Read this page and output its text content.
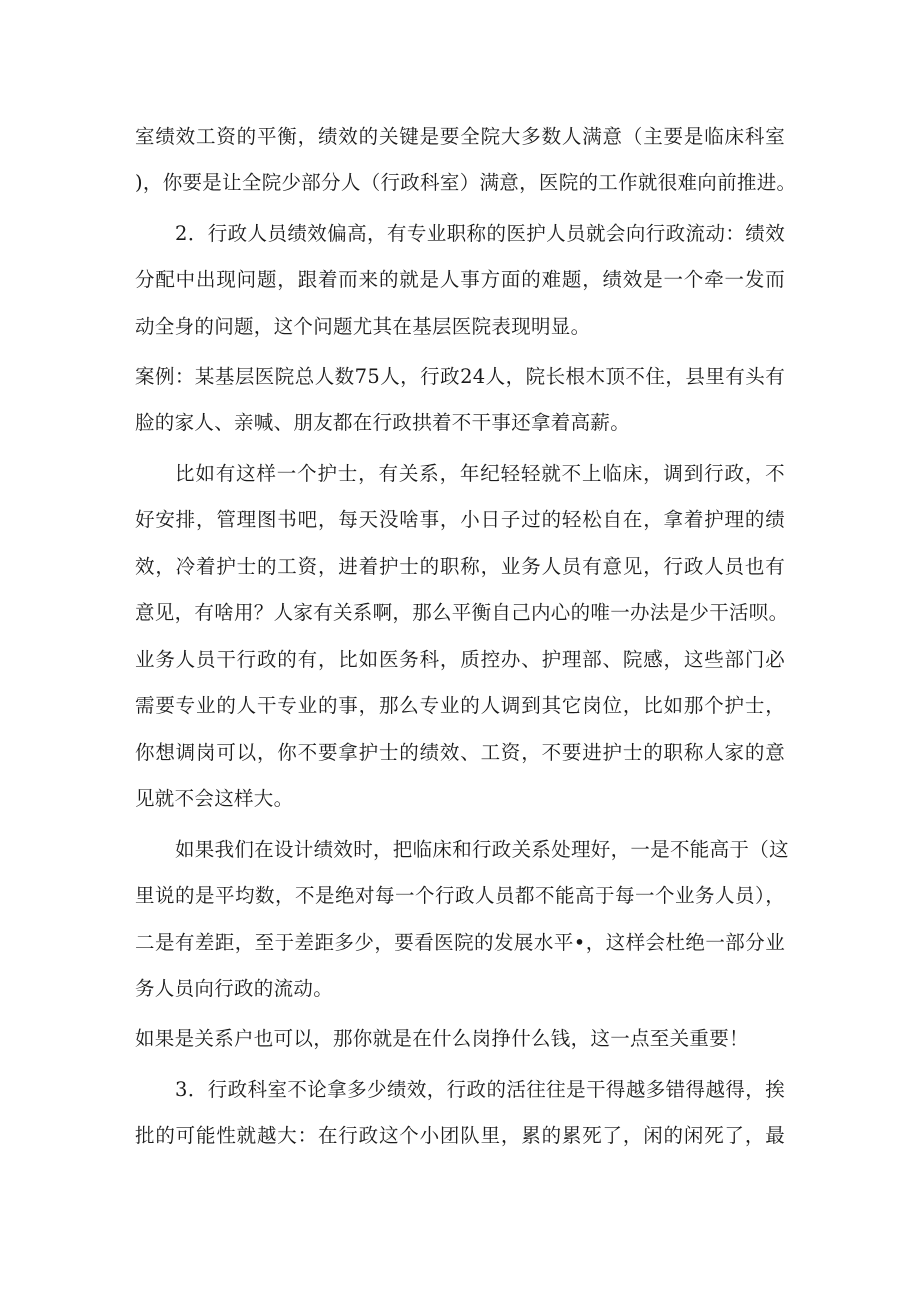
室绩效工资的平衡，绩效的关键是要全院大多数人满意（主要是临床科室
)，你要是让全院少部分人（行政科室）满意，医院的工作就很难向前推进。
2．行政人员绩效偏高，有专业职称的医护人员就会向行政流动：绩效
分配中出现问题，跟着而来的就是人事方面的难题，绩效是一个牵一发而
动全身的问题，这个问题尤其在基层医院表现明显。
案例：某基层医院总人数75人，行政24人，院长根木顶不住，县里有头有
脸的家人、亲喊、朋友都在行政拱着不干事还拿着高薪。
比如有这样一个护士，有关系，年纪轻轻就不上临床，调到行政，不
好安排，管理图书吧，每天没啥事，小日子过的轻松自在，拿着护理的绩
效，冷着护士的工资，进着护士的职称，业务人员有意见，行政人员也有
意见，有啥用？人家有关系啊，那么平衡自己内心的唯一办法是少干活呗。
业务人员干行政的有，比如医务科，质控办、护理部、院感，这些部门必
需要专业的人干专业的事，那么专业的人调到其它岗位，比如那个护士，
你想调岗可以，你不要拿护士的绩效、工资，不要进护士的职称人家的意
见就不会这样大。
如果我们在设计绩效时，把临床和行政关系处理好，一是不能高于（这
里说的是平均数，不是绝对每一个行政人员都不能高于每一个业务人员），
二是有差距，至于差距多少，要看医院的发展水平•，这样会杜绝一部分业
务人员向行政的流动。
如果是关系户也可以，那你就是在什么岗挣什么钱，这一点至关重要！
3．行政科室不论拿多少绩效，行政的活往往是干得越多错得越得，挨
批的可能性就越大：在行政这个小团队里，累的累死了，闲的闲死了，最
